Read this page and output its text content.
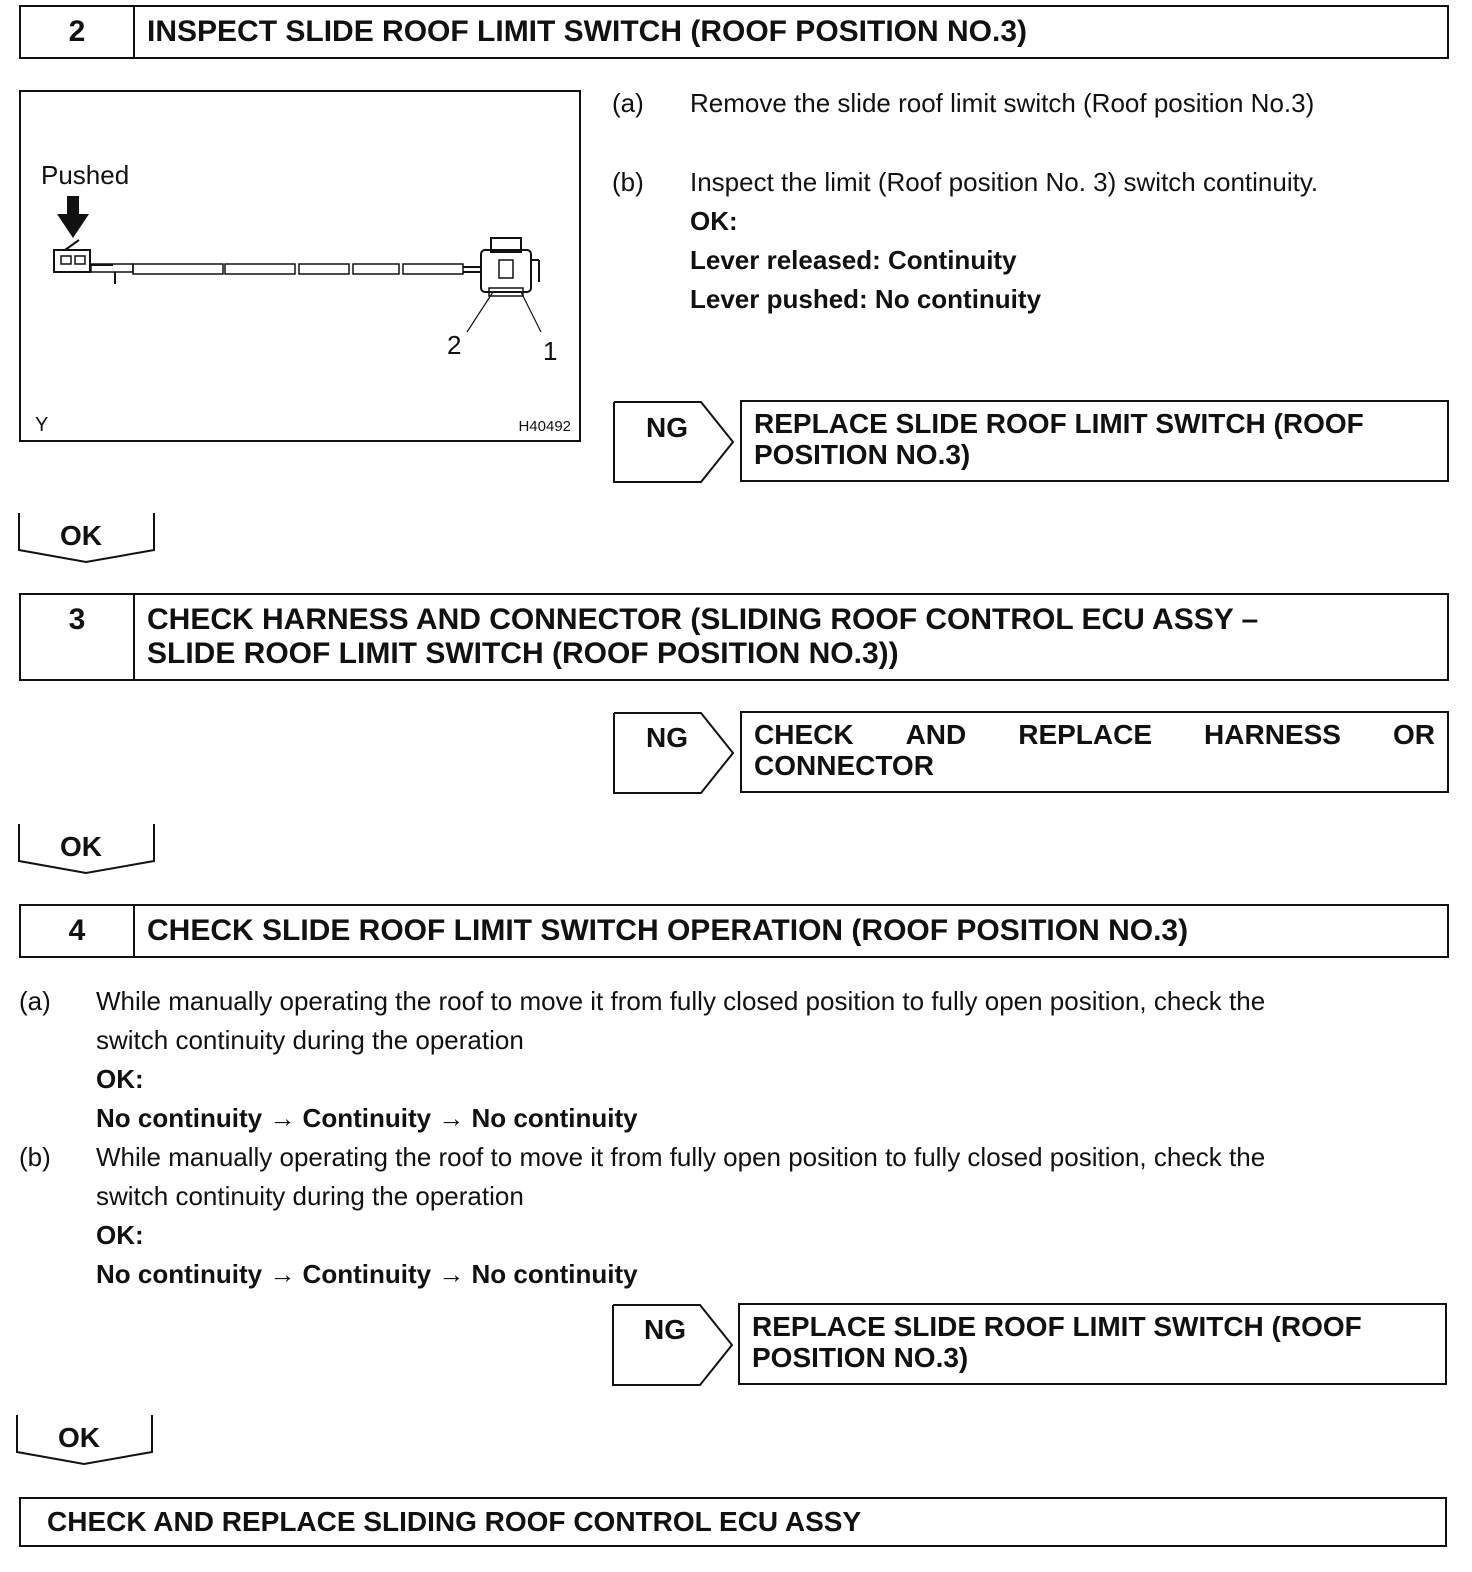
2	INSPECT SLIDE ROOF LIMIT SWITCH (ROOF POSITION NO.3)
Pushed
2	1
Y	H40492
(a) Remove the slide roof limit switch (Roof position No.3)
(b) Inspect the limit (Roof position No. 3) switch continuity.
OK:
Lever released: Continuity
Lever pushed: No continuity
NG REPLACE SLIDE ROOF LIMIT SWITCH (ROOF
POSITION NO.3)
OK
3 CHECK HARNESS AND CONNECTOR (SLIDING ROOF CONTROL ECU ASSY –
SLIDE ROOF LIMIT SWITCH (ROOF POSITION NO.3))
NG CHECK AND REPLACE HARNESS OR
CONNECTOR
OK
4	CHECK SLIDE ROOF LIMIT SWITCH OPERATION (ROOF POSITION NO.3)
(a) While manually operating the roof to move it from fully closed position to fully open position, check the
switch continuity during the operation
OK:
No continuity → Continuity → No continuity
(b) While manually operating the roof to move it from fully open position to fully closed position, check the
switch continuity during the operation
OK:
No continuity → Continuity → No continuity
NG REPLACE SLIDE ROOF LIMIT SWITCH (ROOF
POSITION NO.3)
OK
CHECK AND REPLACE SLIDING ROOF CONTROL ECU ASSY
